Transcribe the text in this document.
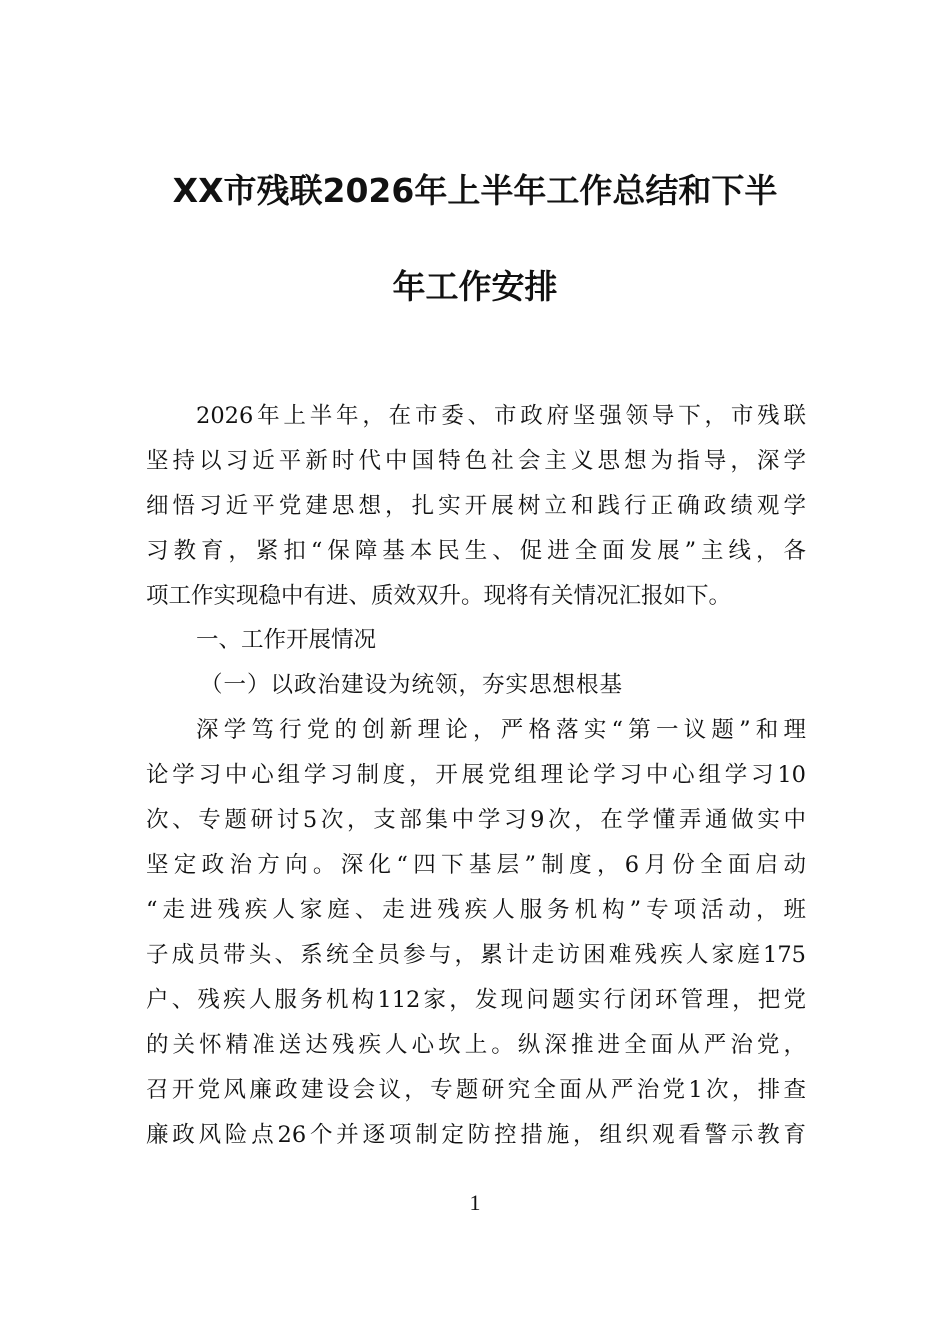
XX市残联2026年上半年工作总结和下半
年工作安排
2026年上半年，在市委、市政府坚强领导下，市残联
坚持以习近平新时代中国特色社会主义思想为指导，深学
细悟习近平党建思想，扎实开展树立和践行正确政绩观学
习教育，紧扣“保障基本民生、促进全面发展”主线，各
项工作实现稳中有进、质效双升。现将有关情况汇报如下。
一、工作开展情况
（一）以政治建设为统领，夯实思想根基
深学笃行党的创新理论，严格落实“第一议题”和理
论学习中心组学习制度，开展党组理论学习中心组学习10
次、专题研讨5次，支部集中学习9次，在学懂弄通做实中
坚定政治方向。深化“四下基层”制度，6月份全面启动
“走进残疾人家庭、走进残疾人服务机构”专项活动，班
子成员带头、系统全员参与，累计走访困难残疾人家庭175
户、残疾人服务机构112家，发现问题实行闭环管理，把党
的关怀精准送达残疾人心坎上。纵深推进全面从严治党，
召开党风廉政建设会议，专题研究全面从严治党1次，排查
廉政风险点26个并逐项制定防控措施，组织观看警示教育
1
